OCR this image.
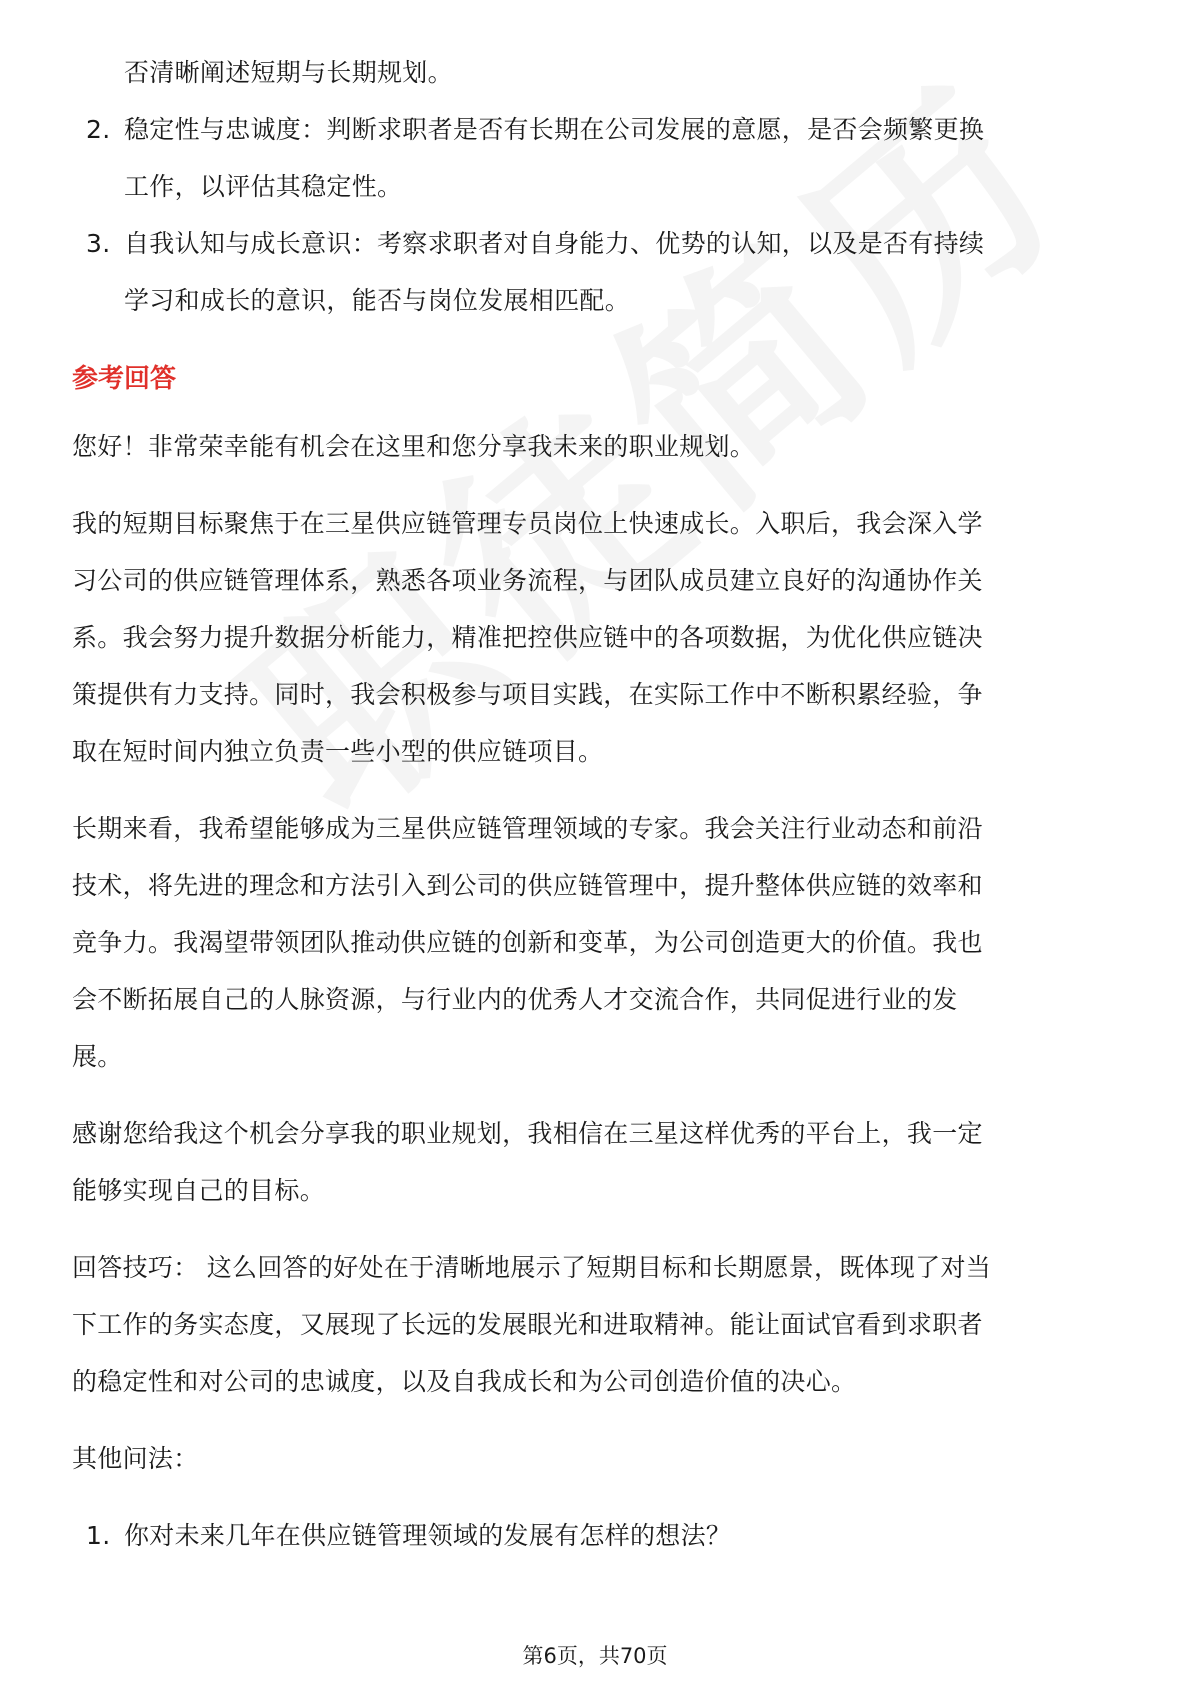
否清晰阐述短期与长期规划。

2. 稳定性与忠诚度：判断求职者是否有长期在公司发展的意愿，是否会频繁更换
工作，以评估其稳定性。
3. 自我认知与成长意识：考察求职者对自身能力、优势的认知，以及是否有持续
学习和成长的意识，能否与岗位发展相匹配。
参考回答

您好！非常荣幸能有机会在这里和您分享我未来的职业规划。

我的短期目标聚焦于在三星供应链管理专员岗位上快速成长。入职后，我会深入学

习公司的供应链管理体系，熟悉各项业务流程，与团队成员建立良好的沟通协作关

系。我会努力提升数据分析能力，精准把控供应链中的各项数据，为优化供应链决

策提供有力支持。同时，我会积极参与项目实践，在实际工作中不断积累经验，争

取在短时间内独立负责一些小型的供应链项目。

长期来看，我希望能够成为三星供应链管理领域的专家。我会关注行业动态和前沿

技术，将先进的理念和方法引入到公司的供应链管理中，提升整体供应链的效率和

竞争力。我渴望带领团队推动供应链的创新和变革，为公司创造更大的价值。我也

会不断拓展自己的人脉资源，与行业内的优秀人才交流合作，共同促进行业的发

展。

感谢您给我这个机会分享我的职业规划，我相信在三星这样优秀的平台上，我一定

能够实现自己的目标。

回答技巧： 这么回答的好处在于清晰地展示了短期目标和长期愿景，既体现了对当

下工作的务实态度，又展现了长远的发展眼光和进取精神。能让面试官看到求职者

的稳定性和对公司的忠诚度，以及自我成长和为公司创造价值的决心。

其他问法：

1. 你对未来几年在供应链管理领域的发展有怎样的想法？
第6页，共70页
